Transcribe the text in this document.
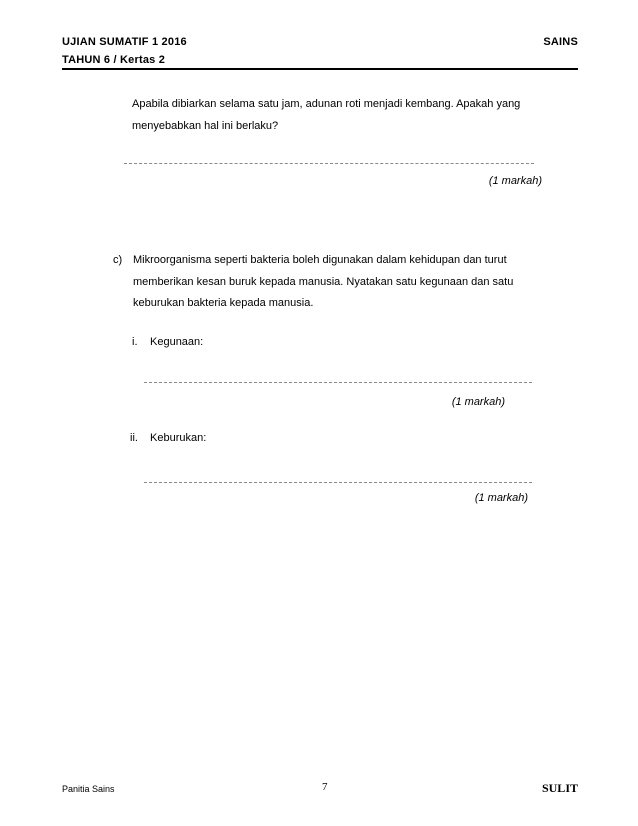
UJIAN SUMATIF 1 2016	SAINS
TAHUN 6 / Kertas 2
Apabila dibiarkan selama satu jam, adunan roti menjadi kembang. Apakah yang
menyebabkan hal ini berlaku?
(1 markah)
c) Mikroorganisma seperti bakteria boleh digunakan dalam kehidupan dan turut
memberikan kesan buruk kepada manusia. Nyatakan satu kegunaan dan satu
keburukan bakteria kepada manusia.
i. Kegunaan:
(1 markah)
ii. Keburukan:
(1 markah)
Panitia Sains	7	SULIT
